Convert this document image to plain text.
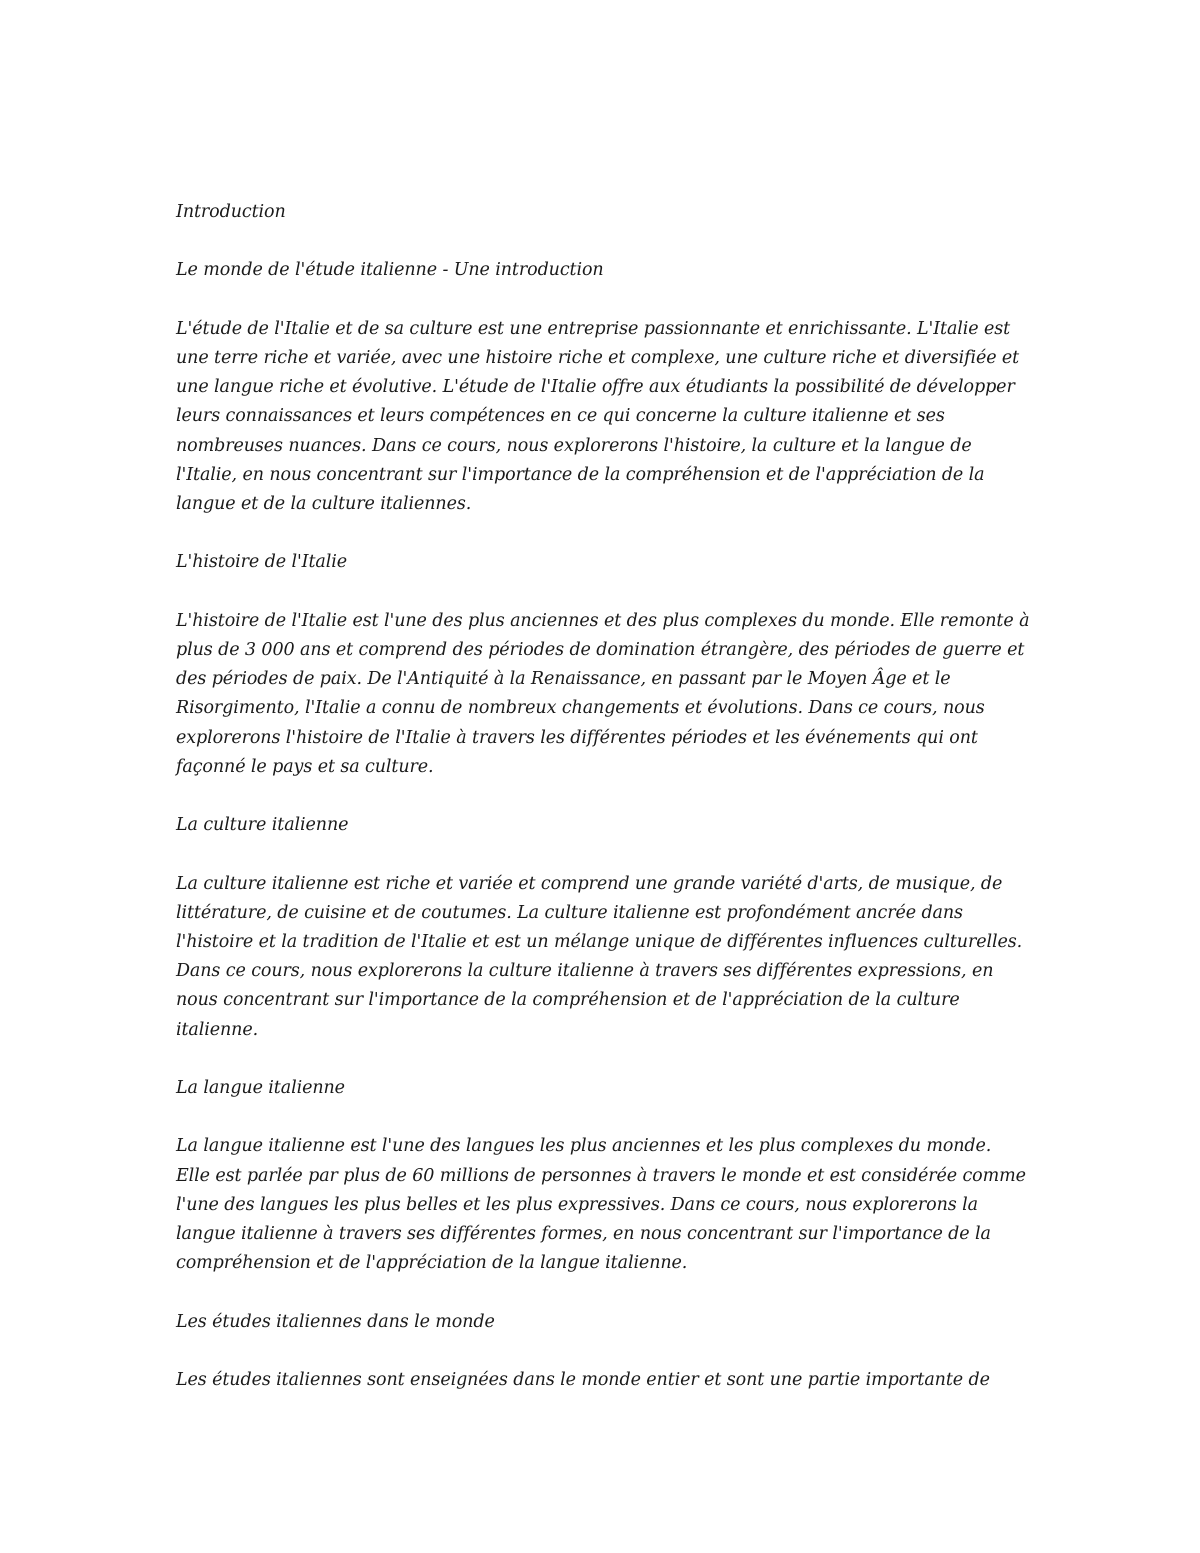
Introduction

Le monde de l'étude italienne - Une introduction

L'étude de l'Italie et de sa culture est une entreprise passionnante et enrichissante. L'Italie est
une terre riche et variée, avec une histoire riche et complexe, une culture riche et diversifiée et
une langue riche et évolutive. L'étude de l'Italie offre aux étudiants la possibilité de développer
leurs connaissances et leurs compétences en ce qui concerne la culture italienne et ses
nombreuses nuances. Dans ce cours, nous explorerons l'histoire, la culture et la langue de
l'Italie, en nous concentrant sur l'importance de la compréhension et de l'appréciation de la
langue et de la culture italiennes.

L'histoire de l'Italie

L'histoire de l'Italie est l'une des plus anciennes et des plus complexes du monde. Elle remonte à
plus de 3 000 ans et comprend des périodes de domination étrangère, des périodes de guerre et
des périodes de paix. De l'Antiquité à la Renaissance, en passant par le Moyen Âge et le
Risorgimento, l'Italie a connu de nombreux changements et évolutions. Dans ce cours, nous
explorerons l'histoire de l'Italie à travers les différentes périodes et les événements qui ont
façonné le pays et sa culture.

La culture italienne

La culture italienne est riche et variée et comprend une grande variété d'arts, de musique, de
littérature, de cuisine et de coutumes. La culture italienne est profondément ancrée dans
l'histoire et la tradition de l'Italie et est un mélange unique de différentes influences culturelles.
Dans ce cours, nous explorerons la culture italienne à travers ses différentes expressions, en
nous concentrant sur l'importance de la compréhension et de l'appréciation de la culture
italienne.

La langue italienne

La langue italienne est l'une des langues les plus anciennes et les plus complexes du monde.
Elle est parlée par plus de 60 millions de personnes à travers le monde et est considérée comme
l'une des langues les plus belles et les plus expressives. Dans ce cours, nous explorerons la
langue italienne à travers ses différentes formes, en nous concentrant sur l'importance de la
compréhension et de l'appréciation de la langue italienne.

Les études italiennes dans le monde

Les études italiennes sont enseignées dans le monde entier et sont une partie importante de
